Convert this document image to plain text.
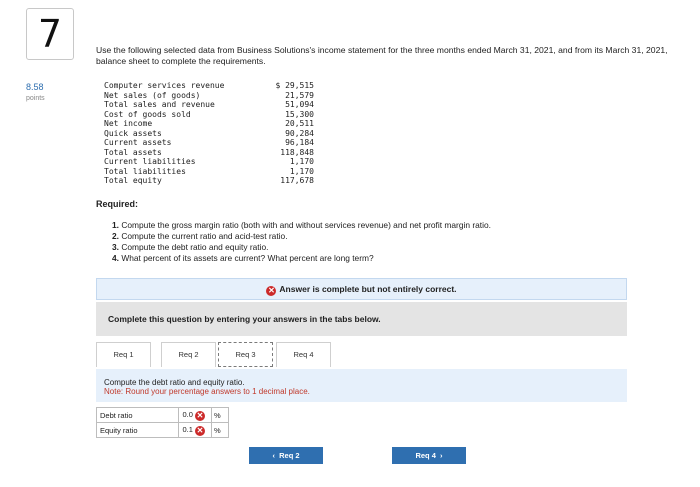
7
8.58
points
Use the following selected data from Business Solutions's income statement for the three months ended March 31, 2021, and from its March 31, 2021, balance sheet to complete the requirements.
Computer services revenue	$ 29,515
Net sales (of goods)	21,579
Total sales and revenue	51,094
Cost of goods sold	15,300
Net income	20,511
Quick assets	90,284
Current assets	96,184
Total assets	118,848
Current liabilities	1,170
Total liabilities	1,170
Total equity	117,678
Required:
1. Compute the gross margin ratio (both with and without services revenue) and net profit margin ratio.
2. Compute the current ratio and acid-test ratio.
3. Compute the debt ratio and equity ratio.
4. What percent of its assets are current? What percent are long term?
✕ Answer is complete but not entirely correct.
Complete this question by entering your answers in the tabs below.
Req 1	Req 2	Req 3	Req 4
Compute the debt ratio and equity ratio.
Note: Round your percentage answers to 1 decimal place.
Debt ratio	0.0 ✕	%
Equity ratio	0.1 ✕	%
‹ Req 2	Req 4 ›
